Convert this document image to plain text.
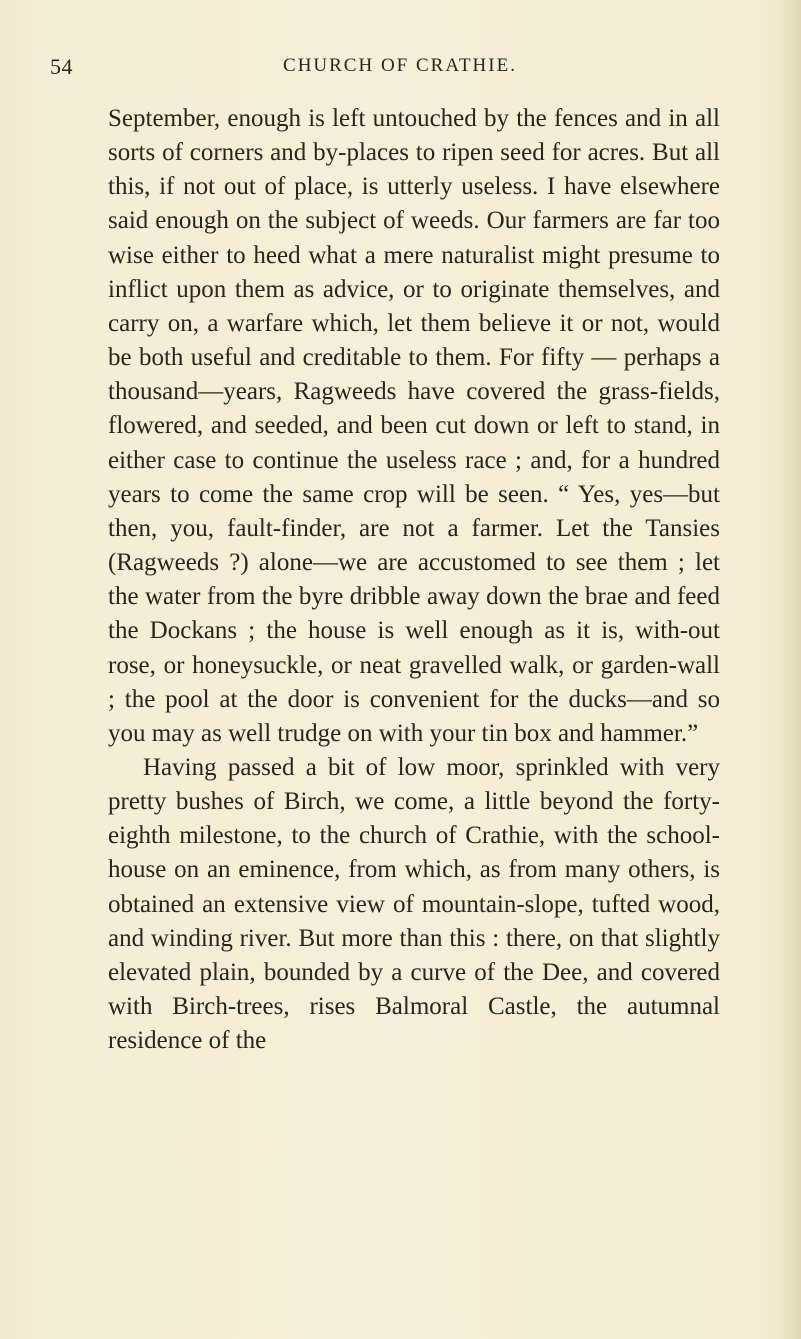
54	CHURCH OF CRATHIE.

September, enough is left untouched by the fences and in all sorts of corners and by-places to ripen seed for acres. But all this, if not out of place, is utterly useless. I have elsewhere said enough on the subject of weeds. Our farmers are far too wise either to heed what a mere naturalist might presume to inflict upon them as advice, or to originate themselves, and carry on, a warfare which, let them believe it or not, would be both useful and creditable to them. For fifty — perhaps a thousand—years, Ragweeds have covered the grass-fields, flowered, and seeded, and been cut down or left to stand, in either case to continue the useless race ; and, for a hundred years to come the same crop will be seen. “ Yes, yes—but then, you, fault-finder, are not a farmer. Let the Tansies (Ragweeds ?) alone—we are accustomed to see them ; let the water from the byre dribble away down the brae and feed the Dockans ; the house is well enough as it is, with-out rose, or honeysuckle, or neat gravelled walk, or garden-wall ; the pool at the door is convenient for the ducks—and so you may as well trudge on with your tin box and hammer.”

Having passed a bit of low moor, sprinkled with very pretty bushes of Birch, we come, a little beyond the forty-eighth milestone, to the church of Crathie, with the school-house on an eminence, from which, as from many others, is obtained an extensive view of mountain-slope, tufted wood, and winding river. But more than this : there, on that slightly elevated plain, bounded by a curve of the Dee, and covered with Birch-trees, rises Balmoral Castle, the autumnal residence of the
